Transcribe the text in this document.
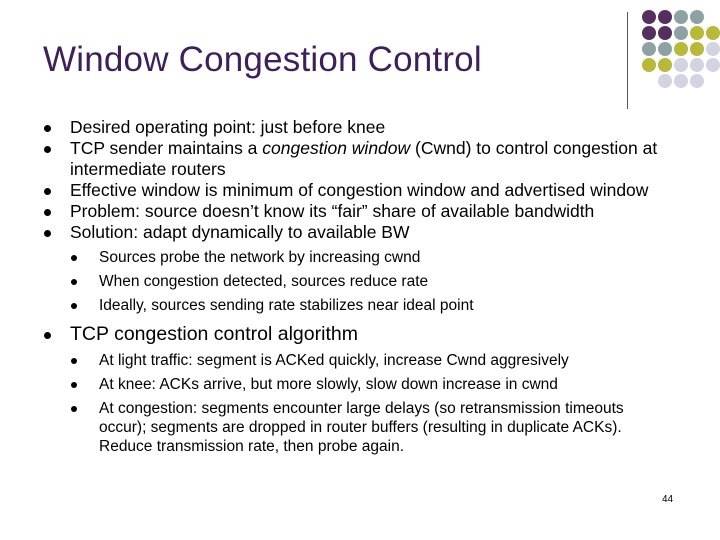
Window Congestion Control
Desired operating point: just before knee
TCP sender maintains a congestion window (Cwnd) to control congestion at intermediate routers
Effective window is minimum of congestion window and advertised window
Problem: source doesn’t know its “fair” share of available bandwidth
Solution: adapt dynamically to available BW
Sources probe the network by increasing cwnd
When congestion detected, sources reduce rate
Ideally, sources sending rate stabilizes near ideal point
TCP congestion control algorithm
At light traffic: segment is ACKed quickly, increase Cwnd aggresively
At knee: ACKs arrive, but more slowly, slow down increase in cwnd
At congestion: segments encounter large delays (so retransmission timeouts occur); segments are dropped in router buffers (resulting in duplicate ACKs). Reduce transmission rate, then probe again.
44
